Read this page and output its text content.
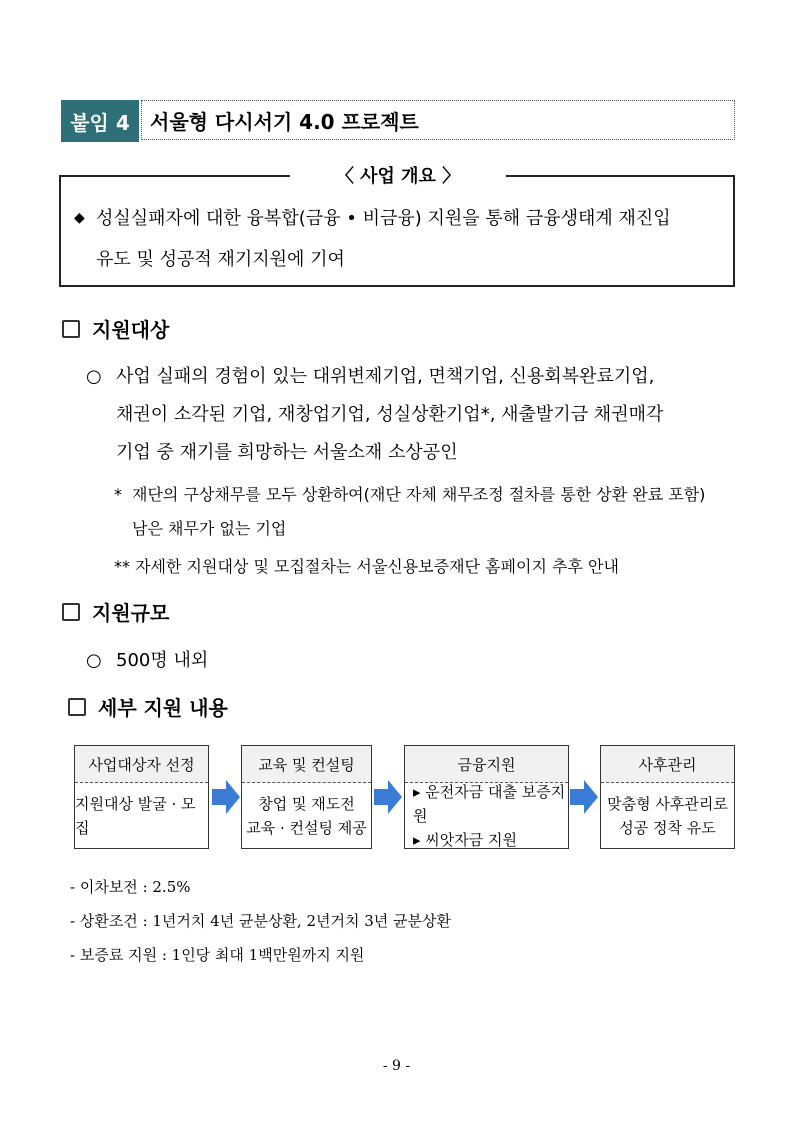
붙임 4	서울형 다시서기 4.0 프로젝트
〈 사업 개요 〉
◆ 성실실패자에 대한 융복합(금융 • 비금융) 지원을 통해 금융생태계 재진입
유도 및 성공적 재기지원에 기여
지원대상
○ 사업 실패의 경험이 있는 대위변제기업, 면책기업, 신용회복완료기업,
채권이 소각된 기업, 재창업기업, 성실상환기업*, 새출발기금 채권매각
기업 중 재기를 희망하는 서울소재 소상공인
* 재단의 구상채무를 모두 상환하여(재단 자체 채무조정 절차를 통한 상환 완료 포함)
남은 채무가 없는 기업
** 자세한 지원대상 및 모집절차는 서울신용보증재단 홈페이지 추후 안내
지원규모
○ 500명 내외
세부 지원 내용
사업대상자 선정
지원대상 발굴 · 모집
교육 및 컨설팅
창업 및 재도전
교육 · 컨설팅 제공
금융지원
▸ 운전자금 대출 보증지원
▸ 씨앗자금 지원
사후관리
맞춤형 사후관리로
성공 정착 유도
- 이차보전 : 2.5%
- 상환조건 : 1년거치 4년 균분상환, 2년거치 3년 균분상환
- 보증료 지원 : 1인당 최대 1백만원까지 지원
- 9 -
